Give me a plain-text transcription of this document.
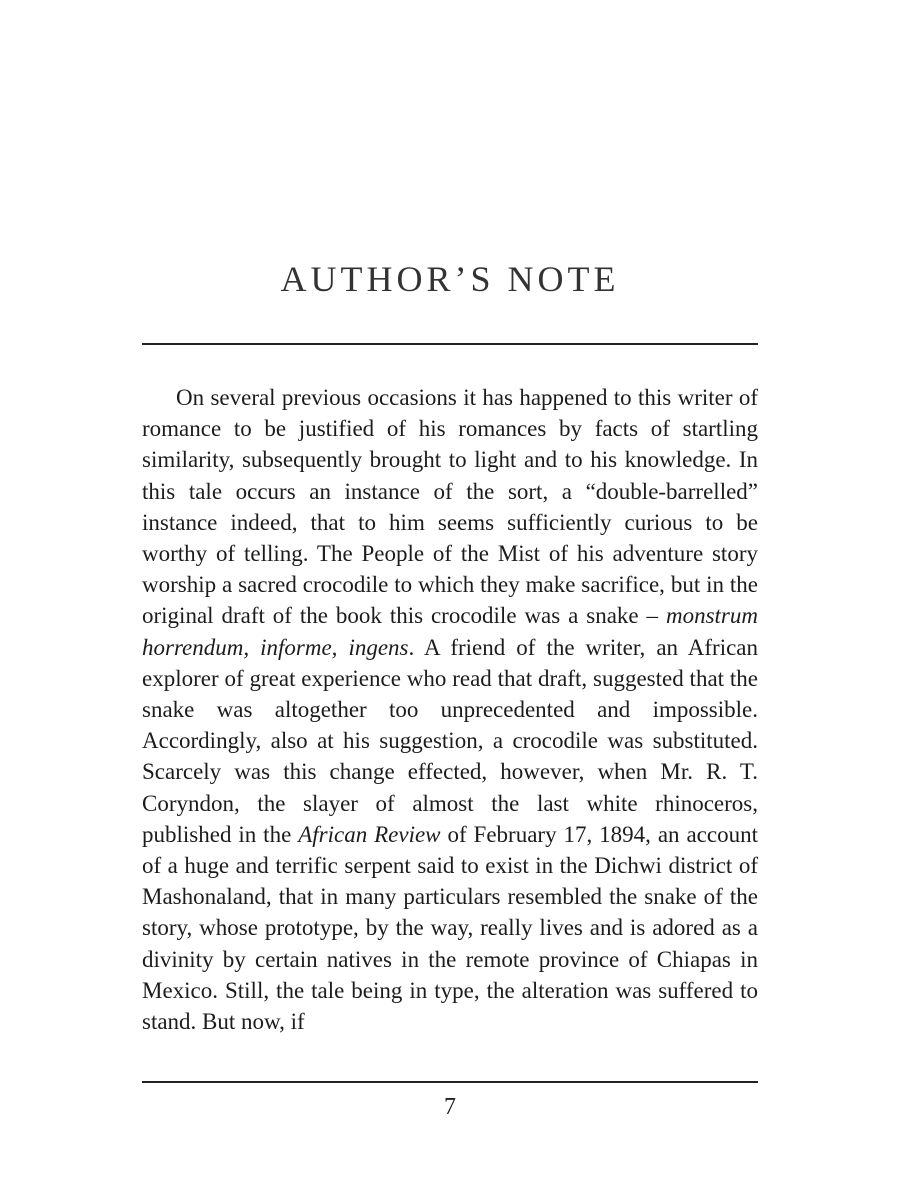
AUTHOR’S NOTE

On several previous occasions it has happened to this writer of romance to be justified of his romances by facts of startling similarity, subsequently brought to light and to his knowledge. In this tale occurs an instance of the sort, a “double-barrelled” instance indeed, that to him seems sufficiently curious to be worthy of telling. The People of the Mist of his adventure story worship a sacred crocodile to which they make sacrifice, but in the original draft of the book this crocodile was a snake – monstrum horrendum, informe, ingens. A friend of the writer, an African explorer of great experience who read that draft, suggested that the snake was altogether too unprecedented and impossible. Accordingly, also at his suggestion, a crocodile was substituted. Scarcely was this change effected, however, when Mr. R. T. Coryndon, the slayer of almost the last white rhinoceros, published in the African Review of February 17, 1894, an account of a huge and terrific serpent said to exist in the Dichwi district of Mashonaland, that in many particulars resembled the snake of the story, whose prototype, by the way, really lives and is adored as a divinity by certain natives in the remote province of Chiapas in Mexico. Still, the tale being in type, the alteration was suffered to stand. But now, if

7
